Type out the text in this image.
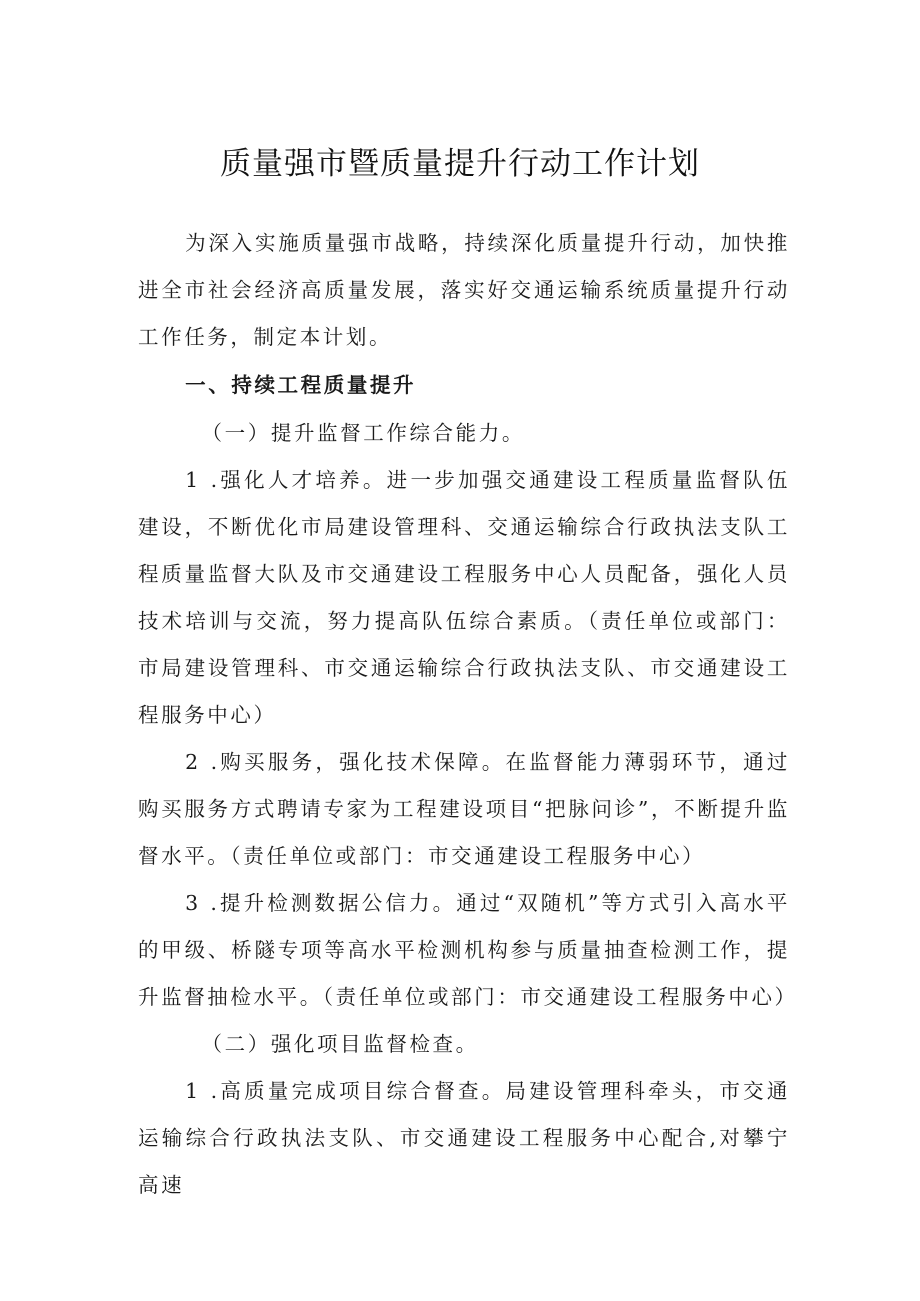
质量强市暨质量提升行动工作计划

为深入实施质量强市战略，持续深化质量提升行动，加快推进全市社会经济高质量发展，落实好交通运输系统质量提升行动工作任务，制定本计划。

一、持续工程质量提升

（一）提升监督工作综合能力。

1 .强化人才培养。进一步加强交通建设工程质量监督队伍建设，不断优化市局建设管理科、交通运输综合行政执法支队工程质量监督大队及市交通建设工程服务中心人员配备，强化人员技术培训与交流，努力提高队伍综合素质。（责任单位或部门：市局建设管理科、市交通运输综合行政执法支队、市交通建设工程服务中心）

2 .购买服务，强化技术保障。在监督能力薄弱环节，通过购买服务方式聘请专家为工程建设项目“把脉问诊”，不断提升监督水平。（责任单位或部门：市交通建设工程服务中心）

3 .提升检测数据公信力。通过“双随机”等方式引入高水平的甲级、桥隧专项等高水平检测机构参与质量抽查检测工作，提升监督抽检水平。（责任单位或部门：市交通建设工程服务中心）

（二）强化项目监督检查。

1 .高质量完成项目综合督查。局建设管理科牵头，市交通运输综合行政执法支队、市交通建设工程服务中心配合,对攀宁高速
